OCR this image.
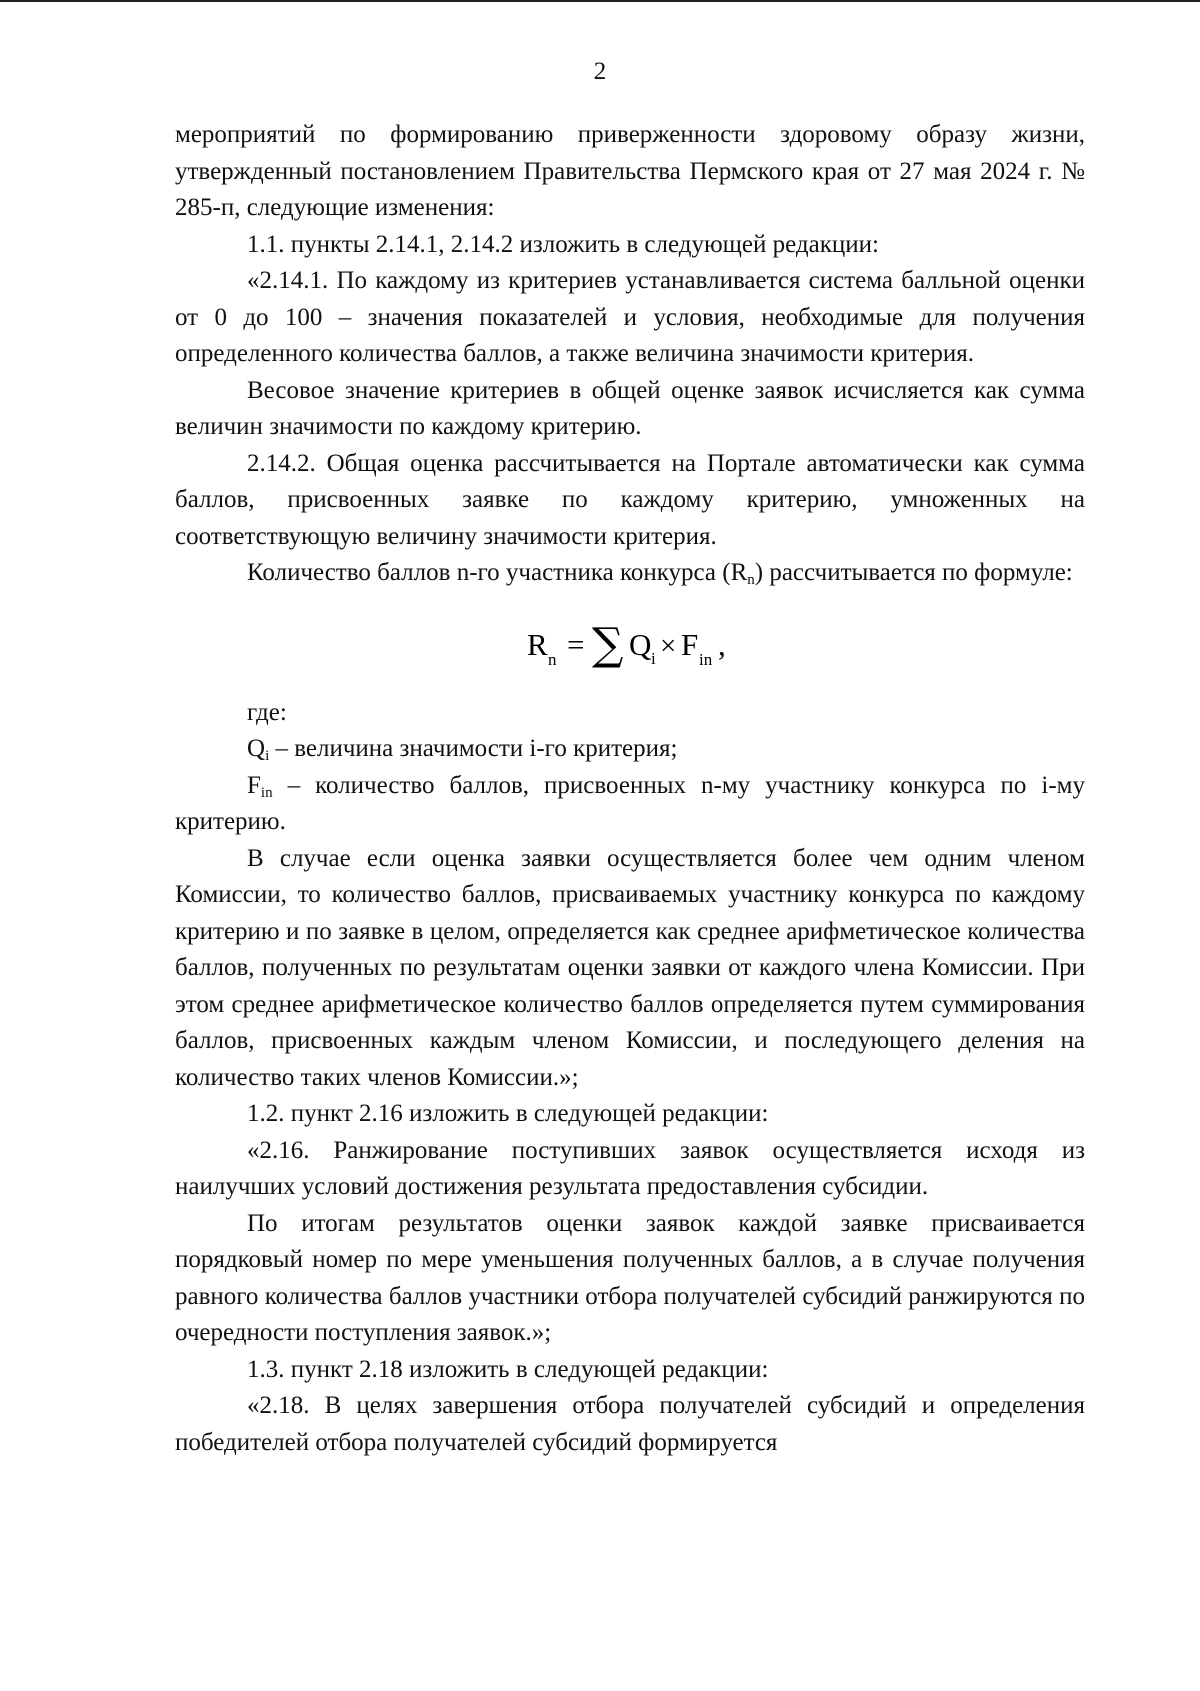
2

мероприятий по формированию приверженности здоровому образу жизни, утвержденный постановлением Правительства Пермского края от 27 мая 2024 г. № 285-п, следующие изменения:

1.1. пункты 2.14.1, 2.14.2 изложить в следующей редакции:

«2.14.1. По каждому из критериев устанавливается система балльной оценки от 0 до 100 – значения показателей и условия, необходимые для получения определенного количества баллов, а также величина значимости критерия.

Весовое значение критериев в общей оценке заявок исчисляется как сумма величин значимости по каждому критерию.

2.14.2. Общая оценка рассчитывается на Портале автоматически как сумма баллов, присвоенных заявке по каждому критерию, умноженных на соответствующую величину значимости критерия.

Количество баллов n-го участника конкурса $(R_n)$ рассчитывается по формуле:

R n = ∑ Q i × F in ,

где:

$Q_i$ – величина значимости i-го критерия;

$F_{in}$ – количество баллов, присвоенных n-му участнику конкурса по i-му критерию.

В случае если оценка заявки осуществляется более чем одним членом Комиссии, то количество баллов, присваиваемых участнику конкурса по каждому критерию и по заявке в целом, определяется как среднее арифметическое количества баллов, полученных по результатам оценки заявки от каждого члена Комиссии. При этом среднее арифметическое количество баллов определяется путем суммирования баллов, присвоенных каждым членом Комиссии, и последующего деления на количество таких членов Комиссии.»;

1.2. пункт 2.16 изложить в следующей редакции:

«2.16. Ранжирование поступивших заявок осуществляется исходя из наилучших условий достижения результата предоставления субсидии.

По итогам результатов оценки заявок каждой заявке присваивается порядковый номер по мере уменьшения полученных баллов, а в случае получения равного количества баллов участники отбора получателей субсидий ранжируются по очередности поступления заявок.»;

1.3. пункт 2.18 изложить в следующей редакции:

«2.18. В целях завершения отбора получателей субсидий и определения победителей отбора получателей субсидий формируется
